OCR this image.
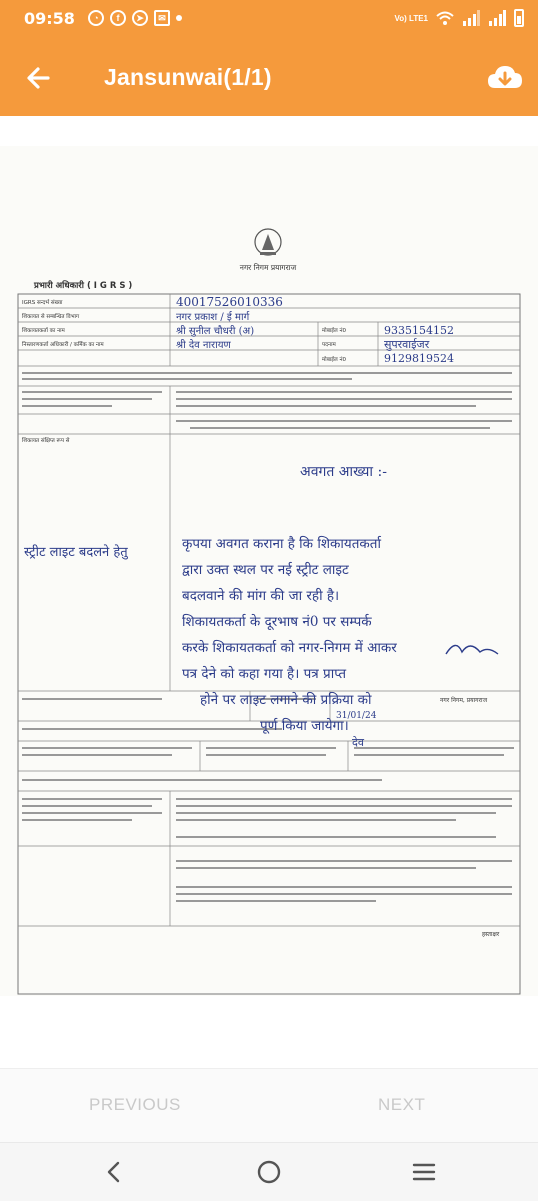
09:58	◔	f	➤	✉	Vo) LTE1
Jansunwai(1/1)
नगर निगम प्रयागराज
प्रभारी अधिकारी ( I G R S )
IGRS सन्दर्भ संख्या	40017526010336
शिकायत से सम्बन्धित विभाग	नगर प्रकाश / ई मार्ग
शिकायतकर्ता का नाम	श्री सुनील चौधरी (अ)	मोबाईल नं0	9335154152
निस्तारणकर्ता अधिकारी / कर्मिक का नाम	श्री देव नारायण	पदनाम	सुपरवाईजर
मोबाईल नं0	9129819524
शिकायत संक्षिप्त रूप से
स्ट्रीट लाइट बदलने हेतु
अवगत आख्या :-
कृपया अवगत कराना है कि शिकायतकर्ता
द्वारा उक्त स्थल पर नई स्ट्रीट लाइट
बदलवाने की मांग की जा रही है।
शिकायतकर्ता के दूरभाष नं0 पर सम्पर्क
करके शिकायतकर्ता को नगर-निगम में आकर
पत्र देने को कहा गया है। पत्र प्राप्त
होने पर लाइट लगाने की प्रक्रिया को
पूर्ण किया जायेगा।
देव
31/01/24
नगर निगम, प्रयागराज
हस्ताक्षर
PREVIOUS	NEXT
